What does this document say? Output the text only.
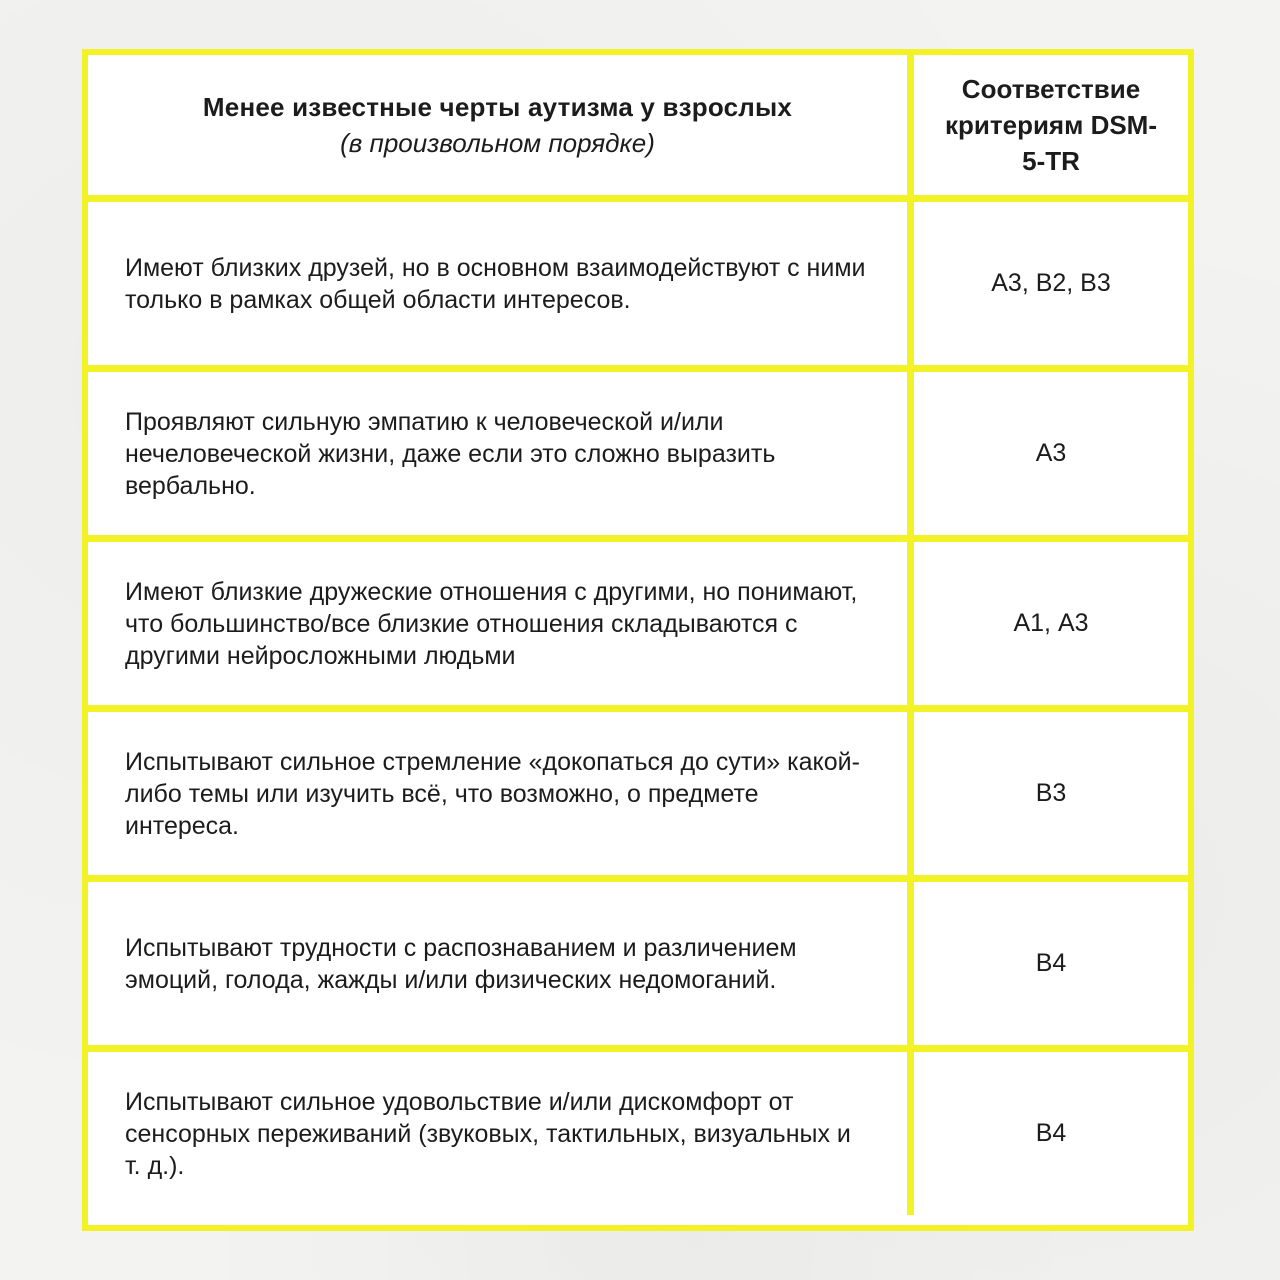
Менее известные черты аутизма у взрослых
(в произвольном порядке)
Соответствие критериям DSM-5-TR
Имеют близких друзей, но в основном взаимодействуют с ними только в рамках общей области интересов.
А3, В2, В3
Проявляют сильную эмпатию к человеческой и/или нечеловеческой жизни, даже если это сложно выразить вербально.
А3
Имеют близкие дружеские отношения с другими, но понимают, что большинство/все близкие отношения складываются с другими нейросложными людьми
А1, А3
Испытывают сильное стремление «докопаться до сути» какой-либо темы или изучить всё, что возможно, о предмете интереса.
В3
Испытывают трудности с распознаванием и различением эмоций, голода, жажды и/или физических недомоганий.
В4
Испытывают сильное удовольствие и/или дискомфорт от сенсорных переживаний (звуковых, тактильных, визуальных и т. д.).
В4
